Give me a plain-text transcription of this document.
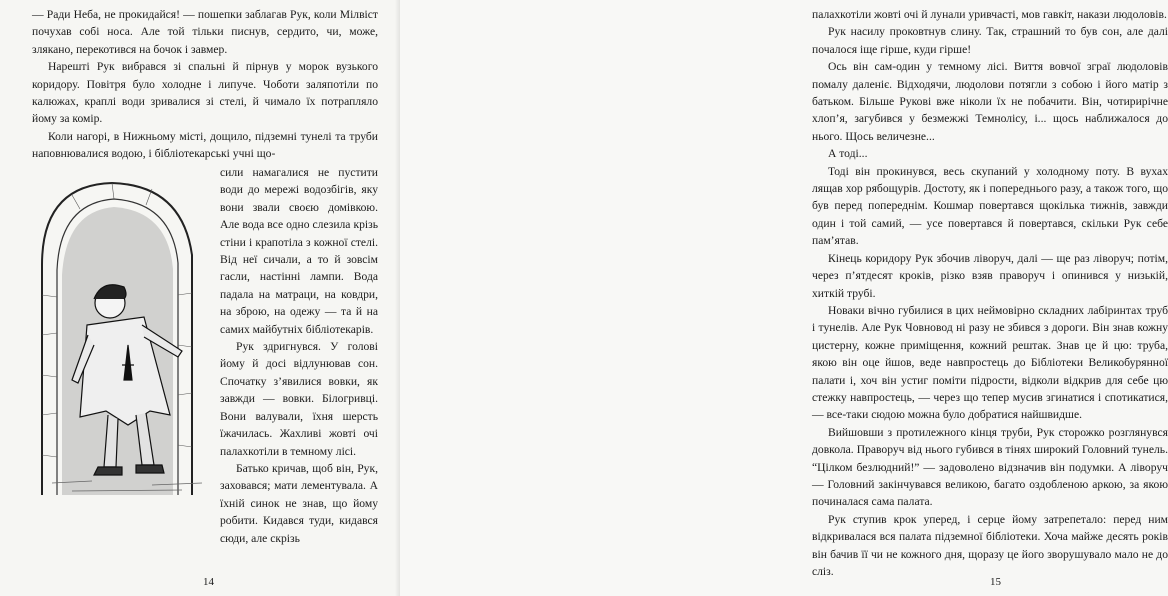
— Ради Неба, не прокидайся! — пошепки заблагав Рук, коли Мілвіст почухав собі носа. Але той тільки писнув, сердито, чи, може, злякано, перекотився на бочок і завмер.

Нарешті Рук вибрався зі спальні й пірнув у морок вузького коридору. Повітря було холодне і липуче. Чоботи заляпотіли по калюжах, краплі води зривалися зі стелі, й чимало їх потрапляло йому за комір.

Коли нагорі, в Нижньому місті, дощило, підземні тунелі та труби наповнювалися водою, і бібліотекарські учні що-

сили намагалися не пустити води до мережі водозбігів, яку вони звали своєю домівкою. Але вода все одно слезила крізь стіни і крапотіла з кожної стелі. Від неї сичали, а то й зовсім гасли, настінні лампи. Вода падала на матраци, на ковдри, на зброю, на одежу — та й на самих майбутніх бібліотекарів.

Рук здригнувся. У голові йому й досі відлунював сон. Спочатку з’явилися вовки, як завжди — вовки. Білогривці. Вони валували, їхня шерсть їжачилась. Жахливі жовті очі палахкотіли в темному лісі.

Батько кричав, щоб він, Рук, заховався; мати лементувала. А їхній синок не знав, що йому робити. Кидався туди, кидався сюди, але скрізь

14

палахкотіли жовті очі й лунали уривчасті, мов гавкіт, накази людоловів.

Рук насилу проковтнув слину. Так, страшний то був сон, але далі почалося іще гірше, куди гірше!

Ось він сам-один у темному лісі. Виття вовчої зграї людоловів помалу даленіє. Відходячи, людолови потягли з собою і його матір з батьком. Більше Рукові вже ніколи їх не побачити. Він, чотирирічне хлоп’я, загубився у безмежжі Темнолісу, і... щось наближалося до нього. Щось величезне...

А тоді...

Тоді він прокинувся, весь скупаний у холодному поту. В вухах лящав хор рябощурів. Достоту, як і попереднього разу, а також того, що був перед попереднім. Кошмар повертався щокілька тижнів, завжди один і той самий, — усе повертався й повертався, скільки Рук себе пам’ятав.

Кінець коридору Рук збочив ліворуч, далі — ще раз ліворуч; потім, через п’ятдесят кроків, різко взяв праворуч і опинився у низькій, хиткій трубі.

Новаки вічно губилися в цих неймовірно складних лабіринтах труб і тунелів. Але Рук Човновод ні разу не збився з дороги. Він знав кожну цистерну, кожне приміщення, кожний рештак. Знав це й цю: труба, якою він оце йшов, веде навпростець до Бібліотеки Великобурянної палати і, хоч він устиг поміти підрости, відколи відкрив для себе цю стежку навпростець, — через що тепер мусив згинатися і спотикатися, — все-таки сюдою можна було добратися найшвидше.

Вийшовши з протилежного кінця труби, Рук сторожко розглянувся довкола. Праворуч від нього губився в тінях широкий Головний тунель. “Цілком безлюдний!” — задоволено відзначив він подумки. А ліворуч — Головний закінчувався великою, багато оздобленою аркою, за якою починалася сама палата.

Рук ступив крок уперед, і серце йому затрепетало: перед ним відкривалася вся палата підземної бібліотеки. Хоча майже десять років він бачив її чи не кожного дня, щоразу це його зворушувало мало не до сліз.

15
